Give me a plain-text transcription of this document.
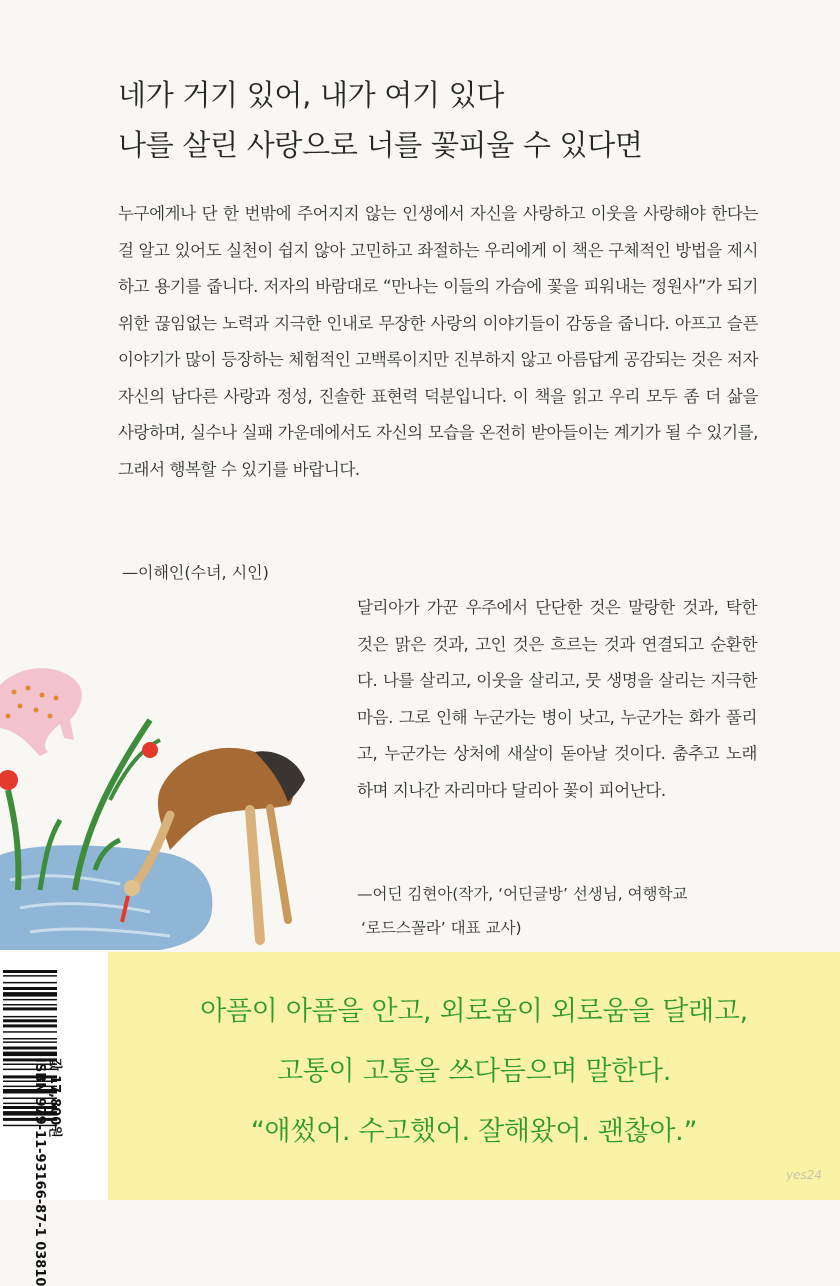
네가 거기 있어, 내가 여기 있다
나를 살린 사랑으로 너를 꽃피울 수 있다면
누구에게나 단 한 번밖에 주어지지 않는 인생에서 자신을 사랑하고 이웃을 사랑해야 한다는 걸 알고 있어도 실천이 쉽지 않아 고민하고 좌절하는 우리에게 이 책은 구체적인 방법을 제시하고 용기를 줍니다. 저자의 바람대로 “만나는 이들의 가슴에 꽃을 피워내는 정원사”가 되기 위한 끊임없는 노력과 지극한 인내로 무장한 사랑의 이야기들이 감동을 줍니다. 아프고 슬픈 이야기가 많이 등장하는 체험적인 고백록이지만 진부하지 않고 아름답게 공감되는 것은 저자 자신의 남다른 사랑과 정성, 진솔한 표현력 덕분입니다. 이 책을 읽고 우리 모두 좀 더 삶을 사랑하며, 실수나 실패 가운데에서도 자신의 모습을 온전히 받아들이는 계기가 될 수 있기를, 그래서 행복할 수 있기를 바랍니다.
—이해인(수녀, 시인)
달리아가 가꾼 우주에서 단단한 것은 말랑한 것과, 탁한 것은 맑은 것과, 고인 것은 흐르는 것과 연결되고 순환한다. 나를 살리고, 이웃을 살리고, 뭇 생명을 살리는 지극한 마음. 그로 인해 누군가는 병이 낫고, 누군가는 화가 풀리고, 누군가는 상처에 새살이 돋아날 것이다. 춤추고 노래하며 지나간 자리마다 달리아 꽃이 피어난다.
—어딘 김현아(작가, ‘어딘글방’ 선생님, 여행학교
‘로드스꼴라’ 대표 교사)
아픔이 아픔을 안고, 외로움이 외로움을 달래고,
고통이 고통을 쓰다듬으며 말한다.
“애썼어. 수고했어. 잘해왔어. 괜찮아.”
값 17,800원
ISBN 979-11-93166-87-1 03810	yes24
